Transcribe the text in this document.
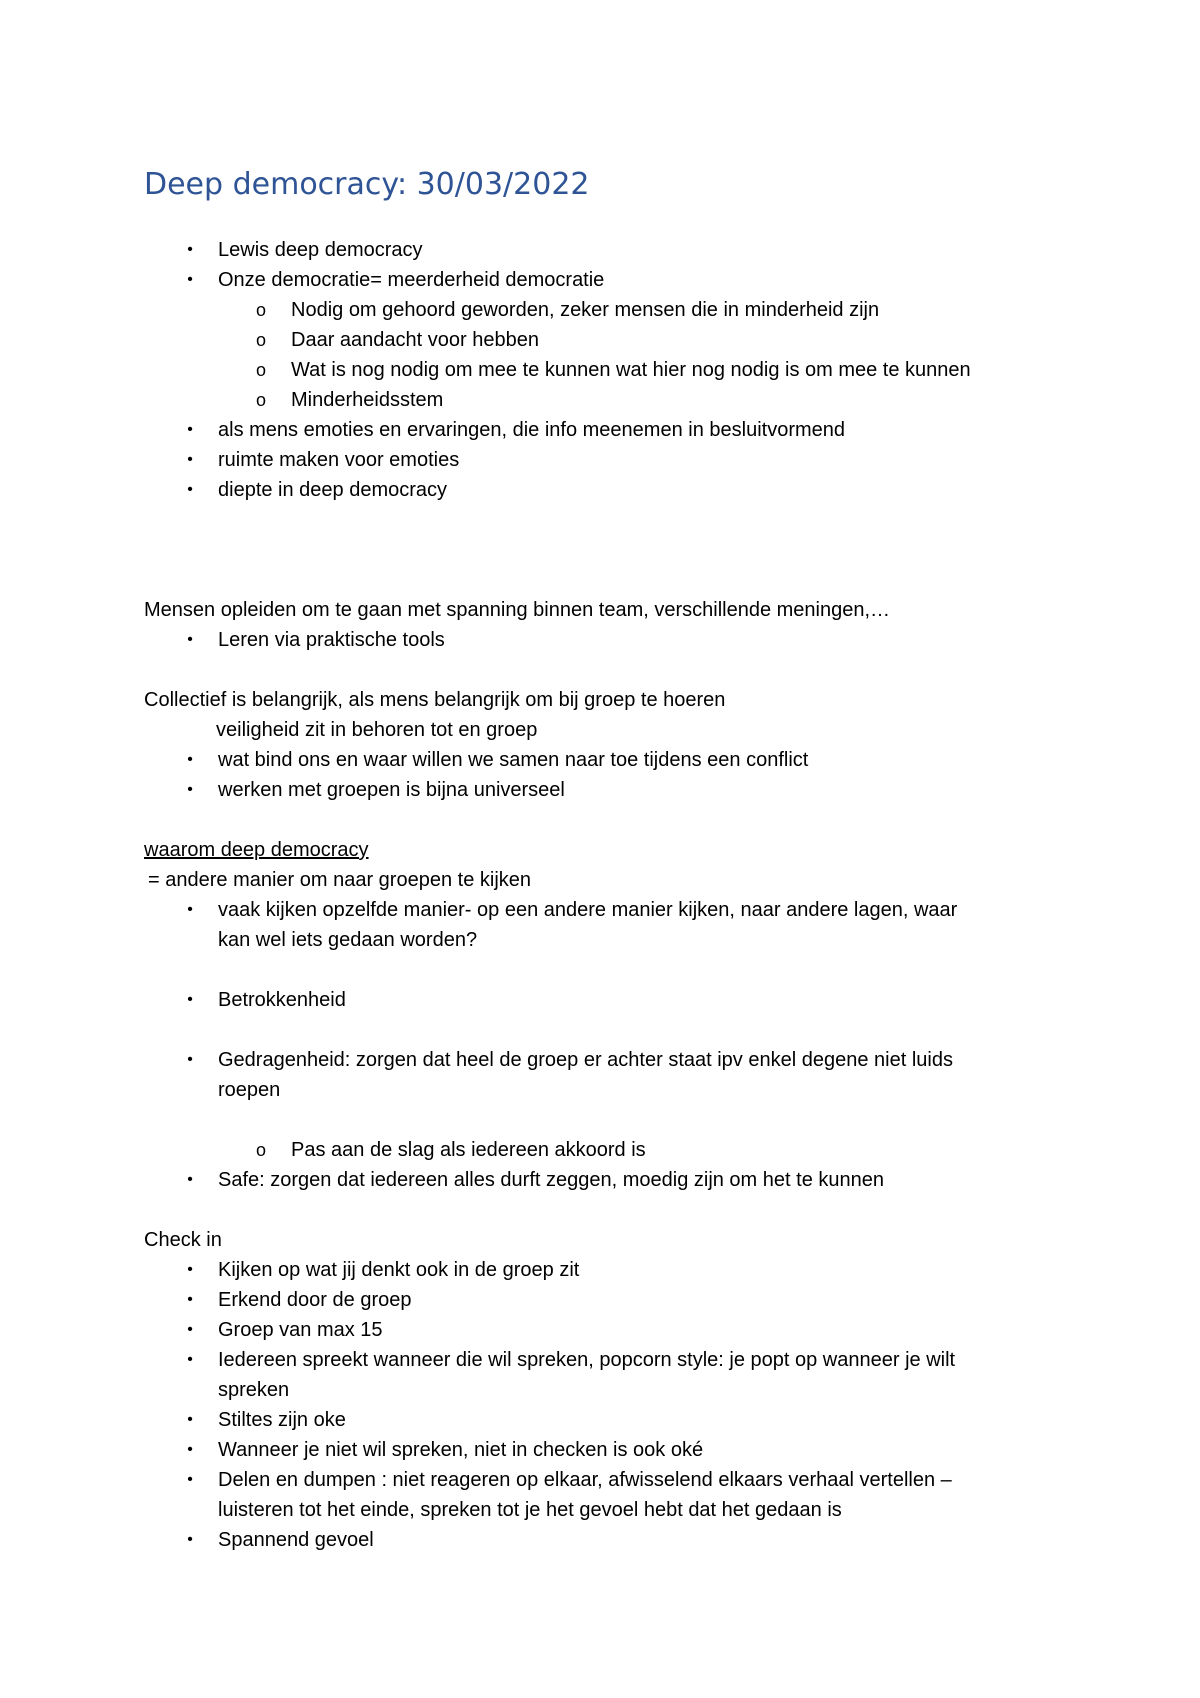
Deep democracy: 30/03/2022
• Lewis deep democracy
• Onze democratie= meerderheid democratie
o Nodig om gehoord geworden, zeker mensen die in minderheid zijn
o Daar aandacht voor hebben
o Wat is nog nodig om mee te kunnen wat hier nog nodig is om mee te kunnen
o Minderheidsstem
• als mens emoties en ervaringen, die info meenemen in besluitvormend
• ruimte maken voor emoties
• diepte in deep democracy
Mensen opleiden om te gaan met spanning binnen team, verschillende meningen,…
• Leren via praktische tools
Collectief is belangrijk, als mens belangrijk om bij groep te hoeren
veiligheid zit in behoren tot en groep
• wat bind ons en waar willen we samen naar toe tijdens een conflict
• werken met groepen is bijna universeel
waarom deep democracy
= andere manier om naar groepen te kijken
• vaak kijken opzelfde manier- op een andere manier kijken, naar andere lagen, waar
kan wel iets gedaan worden?
• Betrokkenheid
• Gedragenheid: zorgen dat heel de groep er achter staat ipv enkel degene niet luids
roepen
o Pas aan de slag als iedereen akkoord is
• Safe: zorgen dat iedereen alles durft zeggen, moedig zijn om het te kunnen
Check in
• Kijken op wat jij denkt ook in de groep zit
• Erkend door de groep
• Groep van max 15
• Iedereen spreekt wanneer die wil spreken, popcorn style: je popt op wanneer je wilt
spreken
• Stiltes zijn oke
• Wanneer je niet wil spreken, niet in checken is ook oké
• Delen en dumpen : niet reageren op elkaar, afwisselend elkaars verhaal vertellen –
luisteren tot het einde, spreken tot je het gevoel hebt dat het gedaan is
• Spannend gevoel
